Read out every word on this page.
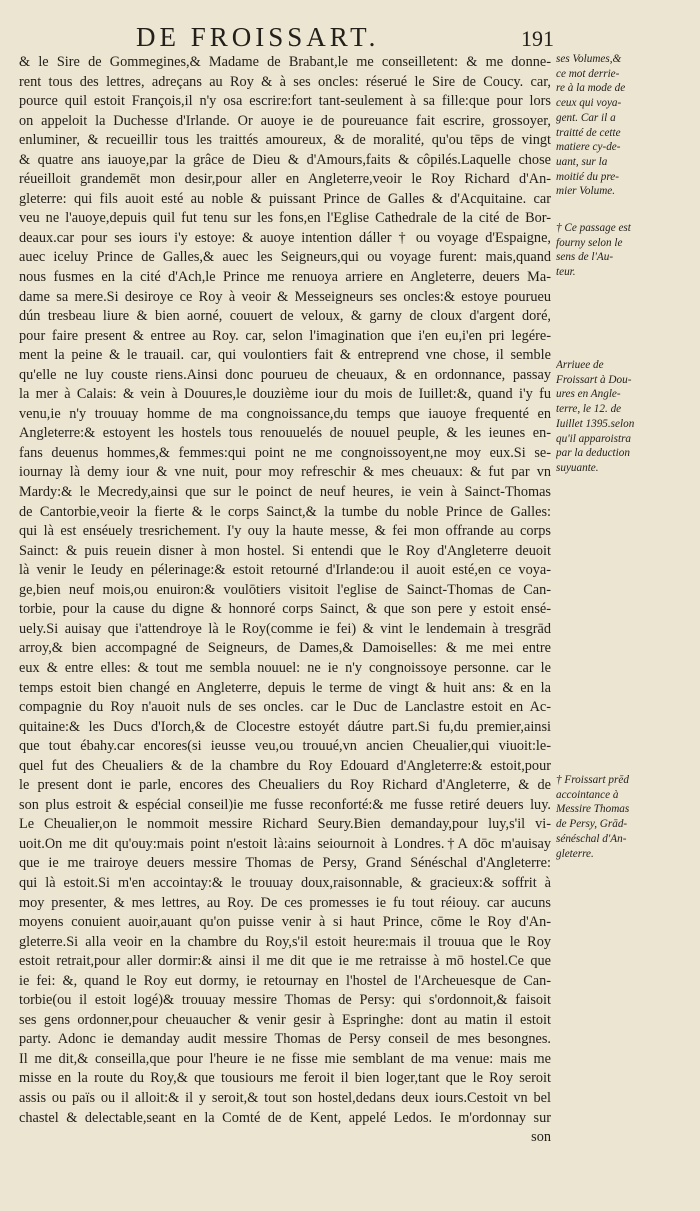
DE FROISSART.	191
& le Sire de Gommegines,& Madame de Brabant,le me conseilletent: & me donne-
rent tous des lettres, adreçans au Roy & à ses oncles: réserué le Sire de Coucy. car,
pource quil estoit François,il n'y osa escrire:fort tant-seulement à sa fille:que pour lors
on appeloit la Duchesse d'Irlande. Or auoye ie de poureuance fait escrire, grossoyer,
enluminer, & recueillir tous les traittés amoureux, & de moralité, qu'ou tēps de vingt
& quatre ans iauoye,par la grâce de Dieu & d'Amours,faits & côpilés.Laquelle chose
réueilloit grandemēt mon desir,pour aller en Angleterre,veoir le Roy Richard d'An-
gleterre: qui fils auoit esté au noble & puissant Prince de Galles & d'Acquitaine. car
veu ne l'auoye,depuis quil fut tenu sur les fons,en l'Eglise Cathedrale de la cité de Bor-
deaux.car pour ses iours i'y estoye: & auoye intention dáller † ou voyage d'Espaigne,
auec iceluy Prince de Galles,& auec les Seigneurs,qui ou voyage furent: mais,quand
nous fusmes en la cité d'Ach,le Prince me renuoya arriere en Angleterre, deuers Ma-
dame sa mere.Si desiroye ce Roy à veoir & Messeigneurs ses oncles:& estoye pourueu
dún tresbeau liure & bien aorné, couuert de veloux, & garny de cloux d'argent doré,
pour faire present & entree au Roy. car, selon l'imagination que i'en eu,i'en pri legére-
ment la peine & le trauail. car, qui voulontiers fait & entreprend vne chose, il semble
qu'elle ne luy couste riens.Ainsi donc pourueu de cheuaux, & en ordonnance, passay
la mer à Calais: & vein à Douures,le douzième iour du mois de Iuillet:&, quand i'y fu
venu,ie n'y trouuay homme de ma congnoissance,du temps que iauoye frequenté en
Angleterre:& estoyent les hostels tous renouuelés de nouuel peuple, & les ieunes en-
fans deuenus hommes,& femmes:qui point ne me congnoissoyent,ne moy eux.Si se-
iournay là demy iour & vne nuit, pour moy refreschir & mes cheuaux: & fut par vn
Mardy:& le Mecredy,ainsi que sur le poinct de neuf heures, ie vein à Sainct-Thomas
de Cantorbie,veoir la fierte & le corps Sainct,& la tumbe du noble Prince de Galles:
qui là est enséuely tresrichement. I'y ouy la haute messe, & fei mon offrande au corps
Sainct: & puis reuein disner à mon hostel. Si entendi que le Roy d'Angleterre deuoit
là venir le Ieudy en pélerinage:& estoit retourné d'Irlande:ou il auoit esté,en ce voya-
ge,bien neuf mois,ou enuiron:& voulōtiers visitoit l'eglise de Sainct-Thomas de Can-
torbie, pour la cause du digne & honnoré corps Sainct, & que son pere y estoit ensé-
uely.Si auisay que i'attendroye là le Roy(comme ie fei) & vint le lendemain à tresgrād
arroy,& bien accompagné de Seigneurs, de Dames,& Damoiselles: & me mei entre
eux & entre elles: & tout me sembla nouuel: ne ie n'y congnoissoye personne. car le
temps estoit bien changé en Angleterre, depuis le terme de vingt & huit ans: & en la
compagnie du Roy n'auoit nuls de ses oncles. car le Duc de Lanclastre estoit en Ac-
quitaine:& les Ducs d'Iorch,& de Clocestre estoyét dáutre part.Si fu,du premier,ainsi
que tout ébahy.car encores(si ieusse veu,ou trouué,vn ancien Cheualier,qui viuoit:le-
quel fut des Cheualiers & de la chambre du Roy Edouard d'Angleterre:& estoit,pour
le present dont ie parle, encores des Cheualiers du Roy Richard d'Angleterre, & de
son plus estroit & espécial conseil)ie me fusse reconforté:& me fusse retiré deuers luy.
Le Cheualier,on le nommoit messire Richard Seury.Bien demanday,pour luy,s'il vi-
uoit.On me dit qu'ouy:mais point n'estoit là:ains seiournoit à Londres.†A dōc m'auisay
que ie me trairoye deuers messire Thomas de Persy, Grand Sénéschal d'Angleterre:
qui là estoit.Si m'en accointay:& le trouuay doux,raisonnable, & gracieux:& soffrit à
moy presenter, & mes lettres, au Roy. De ces promesses ie fu tout réiouy. car aucuns
moyens conuient auoir,auant qu'on puisse venir à si haut Prince, cōme le Roy d'An-
gleterre.Si alla veoir en la chambre du Roy,s'il estoit heure:mais il trouua que le Roy
estoit retrait,pour aller dormir:& ainsi il me dit que ie me retraisse à mō hostel.Ce que
ie fei: &, quand le Roy eut dormy, ie retournay en l'hostel de l'Archeuesque de Can-
torbie(ou il estoit logé)& trouuay messire Thomas de Persy: qui s'ordonnoit,& faisoit
ses gens ordonner,pour cheuaucher & venir gesir à Espringhe: dont au matin il estoit
party. Adonc ie demanday audit messire Thomas de Persy conseil de mes besongnes.
Il me dit,& conseilla,que pour l'heure ie ne fisse mie semblant de ma venue: mais me
misse en la route du Roy,& que tousiours me feroit il bien loger,tant que le Roy seroit
assis ou païs ou il alloit:& il y seroit,& tout son hostel,dedans deux iours.Cestoit vn bel
chastel & delectable,seant en la Comté de de Kent, appelé Ledos. Ie m'ordonnay sur
son
ses Volumes,&
ce mot derrie-
re à la mode de
ceux qui voya-
gent. Car il a
traitté de cette
matiere cy-de-
uant, sur la
moitié du pre-
mier Volume.
† Ce passage est
fourny selon le
sens de l'Au-
teur.
Arriuee de
Froissart à Dou-
ures en Angle-
terre, le 12. de
Iuillet 1395.selon
qu'il apparoistra
par la deduction
suyuante.
† Froissart prēd
accointance à
Messire Thomas
de Persy, Grād-
sénéschal d'An-
gleterre.
